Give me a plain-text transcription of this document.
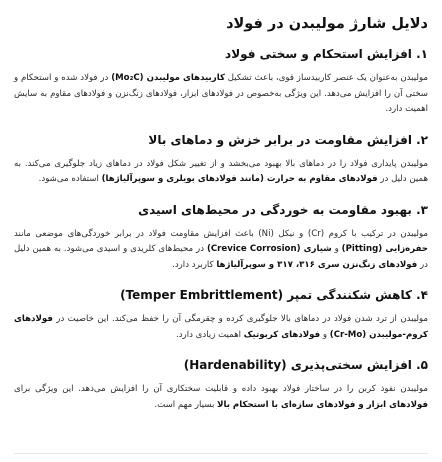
دلایل شارژ مولیبدن در فولاد
۱. افزایش استحکام و سختی فولاد

مولیبدن به‌عنوان یک عنصر کاربیدساز قوی، باعث تشکیل کاربیدهای مولیبدن (Mo₂C) در فولاد شده و استحکام و سختی آن را افزایش می‌دهد. این ویژگی به‌خصوص در فولادهای ابزار، فولادهای زنگ‌نزن و فولادهای مقاوم به سایش اهمیت دارد.

۲. افزایش مقاومت در برابر خزش و دماهای بالا

مولیبدن پایداری فولاد را در دماهای بالا بهبود می‌بخشد و از تغییر شکل فولاد در دماهای زیاد جلوگیری می‌کند. به همین دلیل در فولادهای مقاوم به حرارت (مانند فولادهای بویلری و سوپرآلیاژها) استفاده می‌شود.

۳. بهبود مقاومت به خوردگی در محیط‌های اسیدی

مولیبدن در ترکیب با کروم (Cr) و نیکل (Ni) باعث افزایش مقاومت فولاد در برابر خوردگی‌های موضعی مانند حفره‌زایی (Pitting) و شیاری (Crevice Corrosion) در محیط‌های کلریدی و اسیدی می‌شود. به همین دلیل در فولادهای زنگ‌نزن سری ۳۱۶، ۳۱۷ و سوپرآلیاژها کاربرد دارد.

۴. کاهش شکنندگی تمپر (Temper Embrittlement)

مولیبدن از ترد شدن فولاد در دماهای بالا جلوگیری کرده و چقرمگی آن را حفظ می‌کند. این خاصیت در فولادهای کروم-مولیبدن (Cr-Mo) و فولادهای کربوتیک اهمیت زیادی دارد.

۵. افزایش سختی‌پذیری (Hardenability)

مولیبدن نفوذ کربن را در ساختار فولاد بهبود داده و قابلیت سختکاری آن را افزایش می‌دهد. این ویژگی برای فولادهای ابزار و فولادهای سازه‌ای با استحکام بالا بسیار مهم است.
